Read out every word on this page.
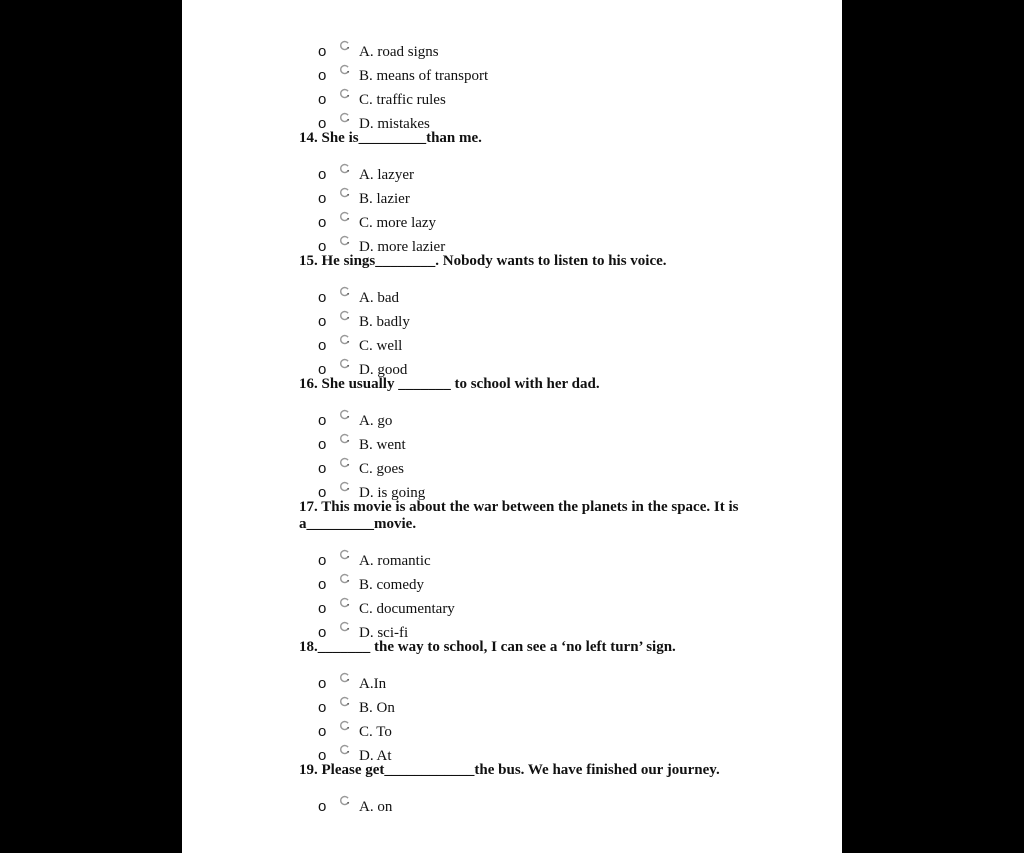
o A. road signs
o B. means of transport
o C. traffic rules
o D. mistakes

14. She is_________than me.

o A. lazyer
o B. lazier
o C. more lazy
o D. more lazier

15. He sings________. Nobody wants to listen to his voice.

o A. bad
o B. badly
o C. well
o D. good

16. She usually _______ to school with her dad.

o A. go
o B. went
o C. goes
o D. is going

17. This movie is about the war between the planets in the space. It is a_________movie.

o A. romantic
o B. comedy
o C. documentary
o D. sci-fi

18._______ the way to school, I can see a ‘no left turn’ sign.

o A.In
o B. On
o C. To
o D. At

19. Please get____________the bus. We have finished our journey.

o A. on
